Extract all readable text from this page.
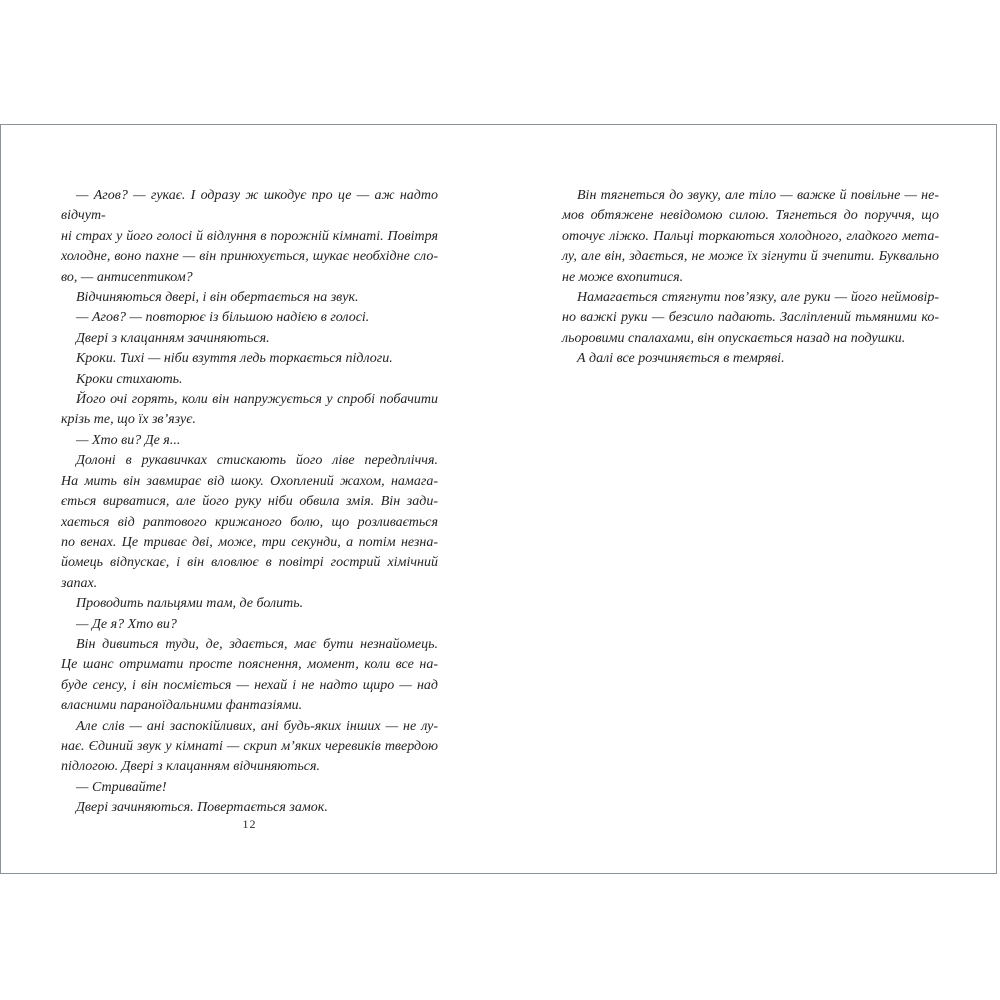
— Агов? — гукає. І одразу ж шкодує про це — аж надто відчут-
ні страх у його голосі й відлуння в порожній кімнаті. Повітря
холодне, воно пахне — він принюхується, шукає необхідне сло-
во, — антисептиком?
Відчиняються двері, і він обертається на звук.
— Агов? — повторює із більшою надією в голосі.
Двері з клацанням зачиняються.
Кроки. Тихі — ніби взуття ледь торкається підлоги.
Кроки стихають.
Його очі горять, коли він напружується у спробі побачити
крізь те, що їх зв’язує.
— Хто ви? Де я...
Долоні в рукавичках стискають його ліве передпліччя.
На мить він завмирає від шоку. Охоплений жахом, намага-
ється вирватися, але його руку ніби обвила змія. Він зади-
хається від раптового крижаного болю, що розливається
по венах. Це триває дві, може, три секунди, а потім незна-
йомець відпускає, і він вловлює в повітрі гострий хімічний
запах.
Проводить пальцями там, де болить.
— Де я? Хто ви?
Він дивиться туди, де, здається, має бути незнайомець.
Це шанс отримати просте пояснення, момент, коли все на-
буде сенсу, і він посміється — нехай і не надто щиро — над
власними параноїдальними фантазіями.
Але слів — ані заспокійливих, ані будь-яких інших — не лу-
нає. Єдиний звук у кімнаті — скрип м’яких черевиків твердою
підлогою. Двері з клацанням відчиняються.
— Стривайте!
Двері зачиняються. Повертається замок.
Він тягнеться до звуку, але тіло — важке й повільне — не-
мов обтяжене невідомою силою. Тягнеться до поруччя, що
оточує ліжко. Пальці торкаються холодного, гладкого мета-
лу, але він, здається, не може їх зігнути й зчепити. Буквально
не може вхопитися.
Намагається стягнути пов’язку, але руки — його неймовір-
но важкі руки — безсило падають. Засліплений тьмяними ко-
льоровими спалахами, він опускається назад на подушки.
А далі все розчиняється в темряві.
12
